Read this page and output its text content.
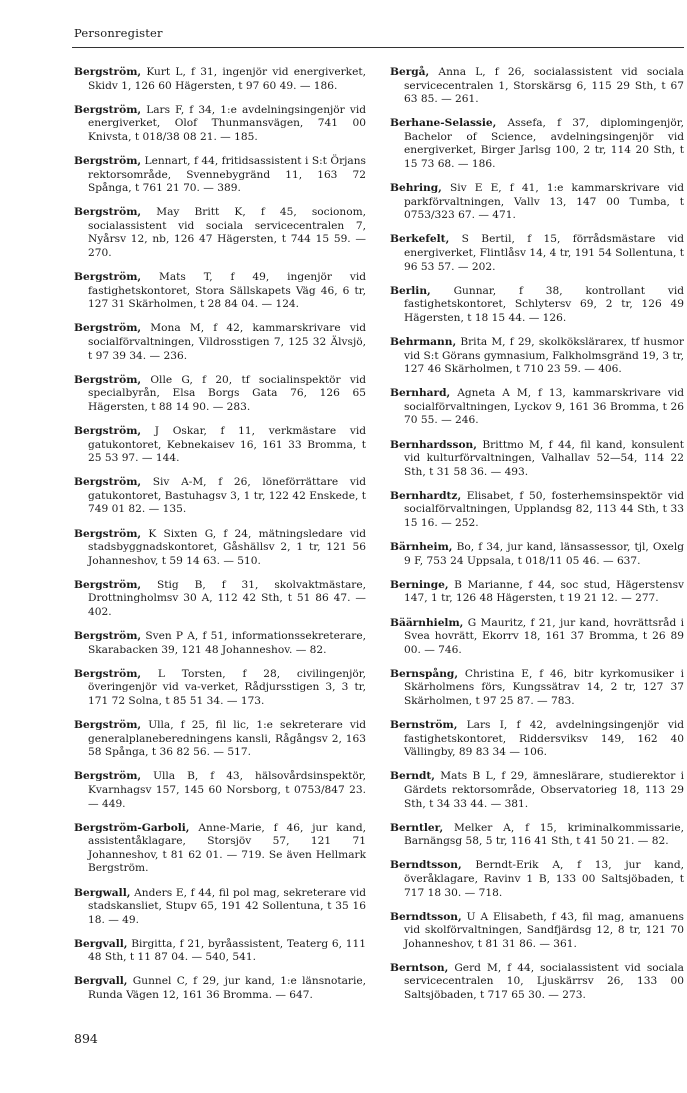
Personregister

Bergström, Kurt L, f 31, ingenjör vid energiverket, Skidv 1, 126 60 Hägersten, t 97 60 49. — 186.

Bergström, Lars F, f 34, 1:e avdelningsingenjör vid energiverket, Olof Thunmansvägen, 741 00 Knivsta, t 018/38 08 21. — 185.

Bergström, Lennart, f 44, fritidsassistent i S:t Örjans rektorsområde, Svennebygränd 11, 163 72 Spånga, t 761 21 70. — 389.

Bergström, May Britt K, f 45, socionom, socialassistent vid sociala servicecentralen 7, Nyårsv 12, nb, 126 47 Hägersten, t 744 15 59. — 270.

Bergström, Mats T, f 49, ingenjör vid fastighetskontoret, Stora Sällskapets Väg 46, 6 tr, 127 31 Skärholmen, t 28 84 04. — 124.

Bergström, Mona M, f 42, kammarskrivare vid socialförvaltningen, Vildrosstigen 7, 125 32 Älvsjö, t 97 39 34. — 236.

Bergström, Olle G, f 20, tf socialinspektör vid specialbyrån, Elsa Borgs Gata 76, 126 65 Hägersten, t 88 14 90. — 283.

Bergström, J Oskar, f 11, verkmästare vid gatukontoret, Kebnekaisev 16, 161 33 Bromma, t 25 53 97. — 144.

Bergström, Siv A-M, f 26, löneförrättare vid gatukontoret, Bastuhagsv 3, 1 tr, 122 42 Enskede, t 749 01 82. — 135.

Bergström, K Sixten G, f 24, mätningsledare vid stadsbyggnadskontoret, Gåshällsv 2, 1 tr, 121 56 Johanneshov, t 59 14 63. — 510.

Bergström, Stig B, f 31, skolvaktmästare, Drottningholmsv 30 A, 112 42 Sth, t 51 86 47. — 402.

Bergström, Sven P A, f 51, informationssekreterare, Skarabacken 39, 121 48 Johanneshov. — 82.

Bergström, L Torsten, f 28, civilingenjör, överingenjör vid va-verket, Rådjursstigen 3, 3 tr, 171 72 Solna, t 85 51 34. — 173.

Bergström, Ulla, f 25, fil lic, 1:e sekreterare vid generalplaneberedningens kansli, Rågångsv 2, 163 58 Spånga, t 36 82 56. — 517.

Bergström, Ulla B, f 43, hälsovårdsinspektör, Kvarnhagsv 157, 145 60 Norsborg, t 0753/847 23. — 449.

Bergström-Garboli, Anne-Marie, f 46, jur kand, assistentåklagare, Storsjöv 57, 121 71 Johanneshov, t 81 62 01. — 719. Se även Hellmark Bergström.

Bergwall, Anders E, f 44, fil pol mag, sekreterare vid stadskansliet, Stupv 65, 191 42 Sollentuna, t 35 16 18. — 49.

Bergvall, Birgitta, f 21, byråassistent, Teaterg 6, 111 48 Sth, t 11 87 04. — 540, 541.

Bergvall, Gunnel C, f 29, jur kand, 1:e länsnotarie, Runda Vägen 12, 161 36 Bromma. — 647.

Bergå, Anna L, f 26, socialassistent vid sociala servicecentralen 1, Storskärsg 6, 115 29 Sth, t 67 63 85. — 261.

Berhane-Selassie, Assefa, f 37, diplomingenjör, Bachelor of Science, avdelningsingenjör vid energiverket, Birger Jarlsg 100, 2 tr, 114 20 Sth, t 15 73 68. — 186.

Behring, Siv E E, f 41, 1:e kammarskrivare vid parkförvaltningen, Vallv 13, 147 00 Tumba, t 0753/323 67. — 471.

Berkefelt, S Bertil, f 15, förrådsmästare vid energiverket, Flintlåsv 14, 4 tr, 191 54 Sollentuna, t 96 53 57. — 202.

Berlin, Gunnar, f 38, kontrollant vid fastighetskontoret, Schlytersv 69, 2 tr, 126 49 Hägersten, t 18 15 44. — 126.

Behrmann, Brita M, f 29, skolkökslärarex, tf husmor vid S:t Görans gymnasium, Falkholmsgränd 19, 3 tr, 127 46 Skärholmen, t 710 23 59. — 406.

Bernhard, Agneta A M, f 13, kammarskrivare vid socialförvaltningen, Lyckov 9, 161 36 Bromma, t 26 70 55. — 246.

Bernhardsson, Brittmo M, f 44, fil kand, konsulent vid kulturförvaltningen, Valhallav 52—54, 114 22 Sth, t 31 58 36. — 493.

Bernhardtz, Elisabet, f 50, fosterhemsinspektör vid socialförvaltningen, Upplandsg 82, 113 44 Sth, t 33 15 16. — 252.

Bärnheim, Bo, f 34, jur kand, länsassessor, tjl, Oxelg 9 F, 753 24 Uppsala, t 018/11 05 46. — 637.

Berninge, B Marianne, f 44, soc stud, Hägerstensv 147, 1 tr, 126 48 Hägersten, t 19 21 12. — 277.

Bäärnhielm, G Mauritz, f 21, jur kand, hovrättsråd i Svea hovrätt, Ekorrv 18, 161 37 Bromma, t 26 89 00. — 746.

Bernspång, Christina E, f 46, bitr kyrkomusiker i Skärholmens förs, Kungssätrav 14, 2 tr, 127 37 Skärholmen, t 97 25 87. — 783.

Bernström, Lars I, f 42, avdelningsingenjör vid fastighetskontoret, Riddersviksv 149, 162 40 Vällingby, 89 83 34 — 106.

Berndt, Mats B L, f 29, ämneslärare, studierektor i Gärdets rektorsområde, Observatorieg 18, 113 29 Sth, t 34 33 44. — 381.

Berntler, Melker A, f 15, kriminalkommissarie, Barnängsg 58, 5 tr, 116 41 Sth, t 41 50 21. — 82.

Berndtsson, Berndt-Erik A, f 13, jur kand, överåklagare, Ravinv 1 B, 133 00 Saltsjöbaden, t 717 18 30. — 718.

Berndtsson, U A Elisabeth, f 43, fil mag, amanuens vid skolförvaltningen, Sandfjärdsg 12, 8 tr, 121 70 Johanneshov, t 81 31 86. — 361.

Berntson, Gerd M, f 44, socialassistent vid sociala servicecentralen 10, Ljuskärrsv 26, 133 00 Saltsjöbaden, t 717 65 30. — 273.

894
